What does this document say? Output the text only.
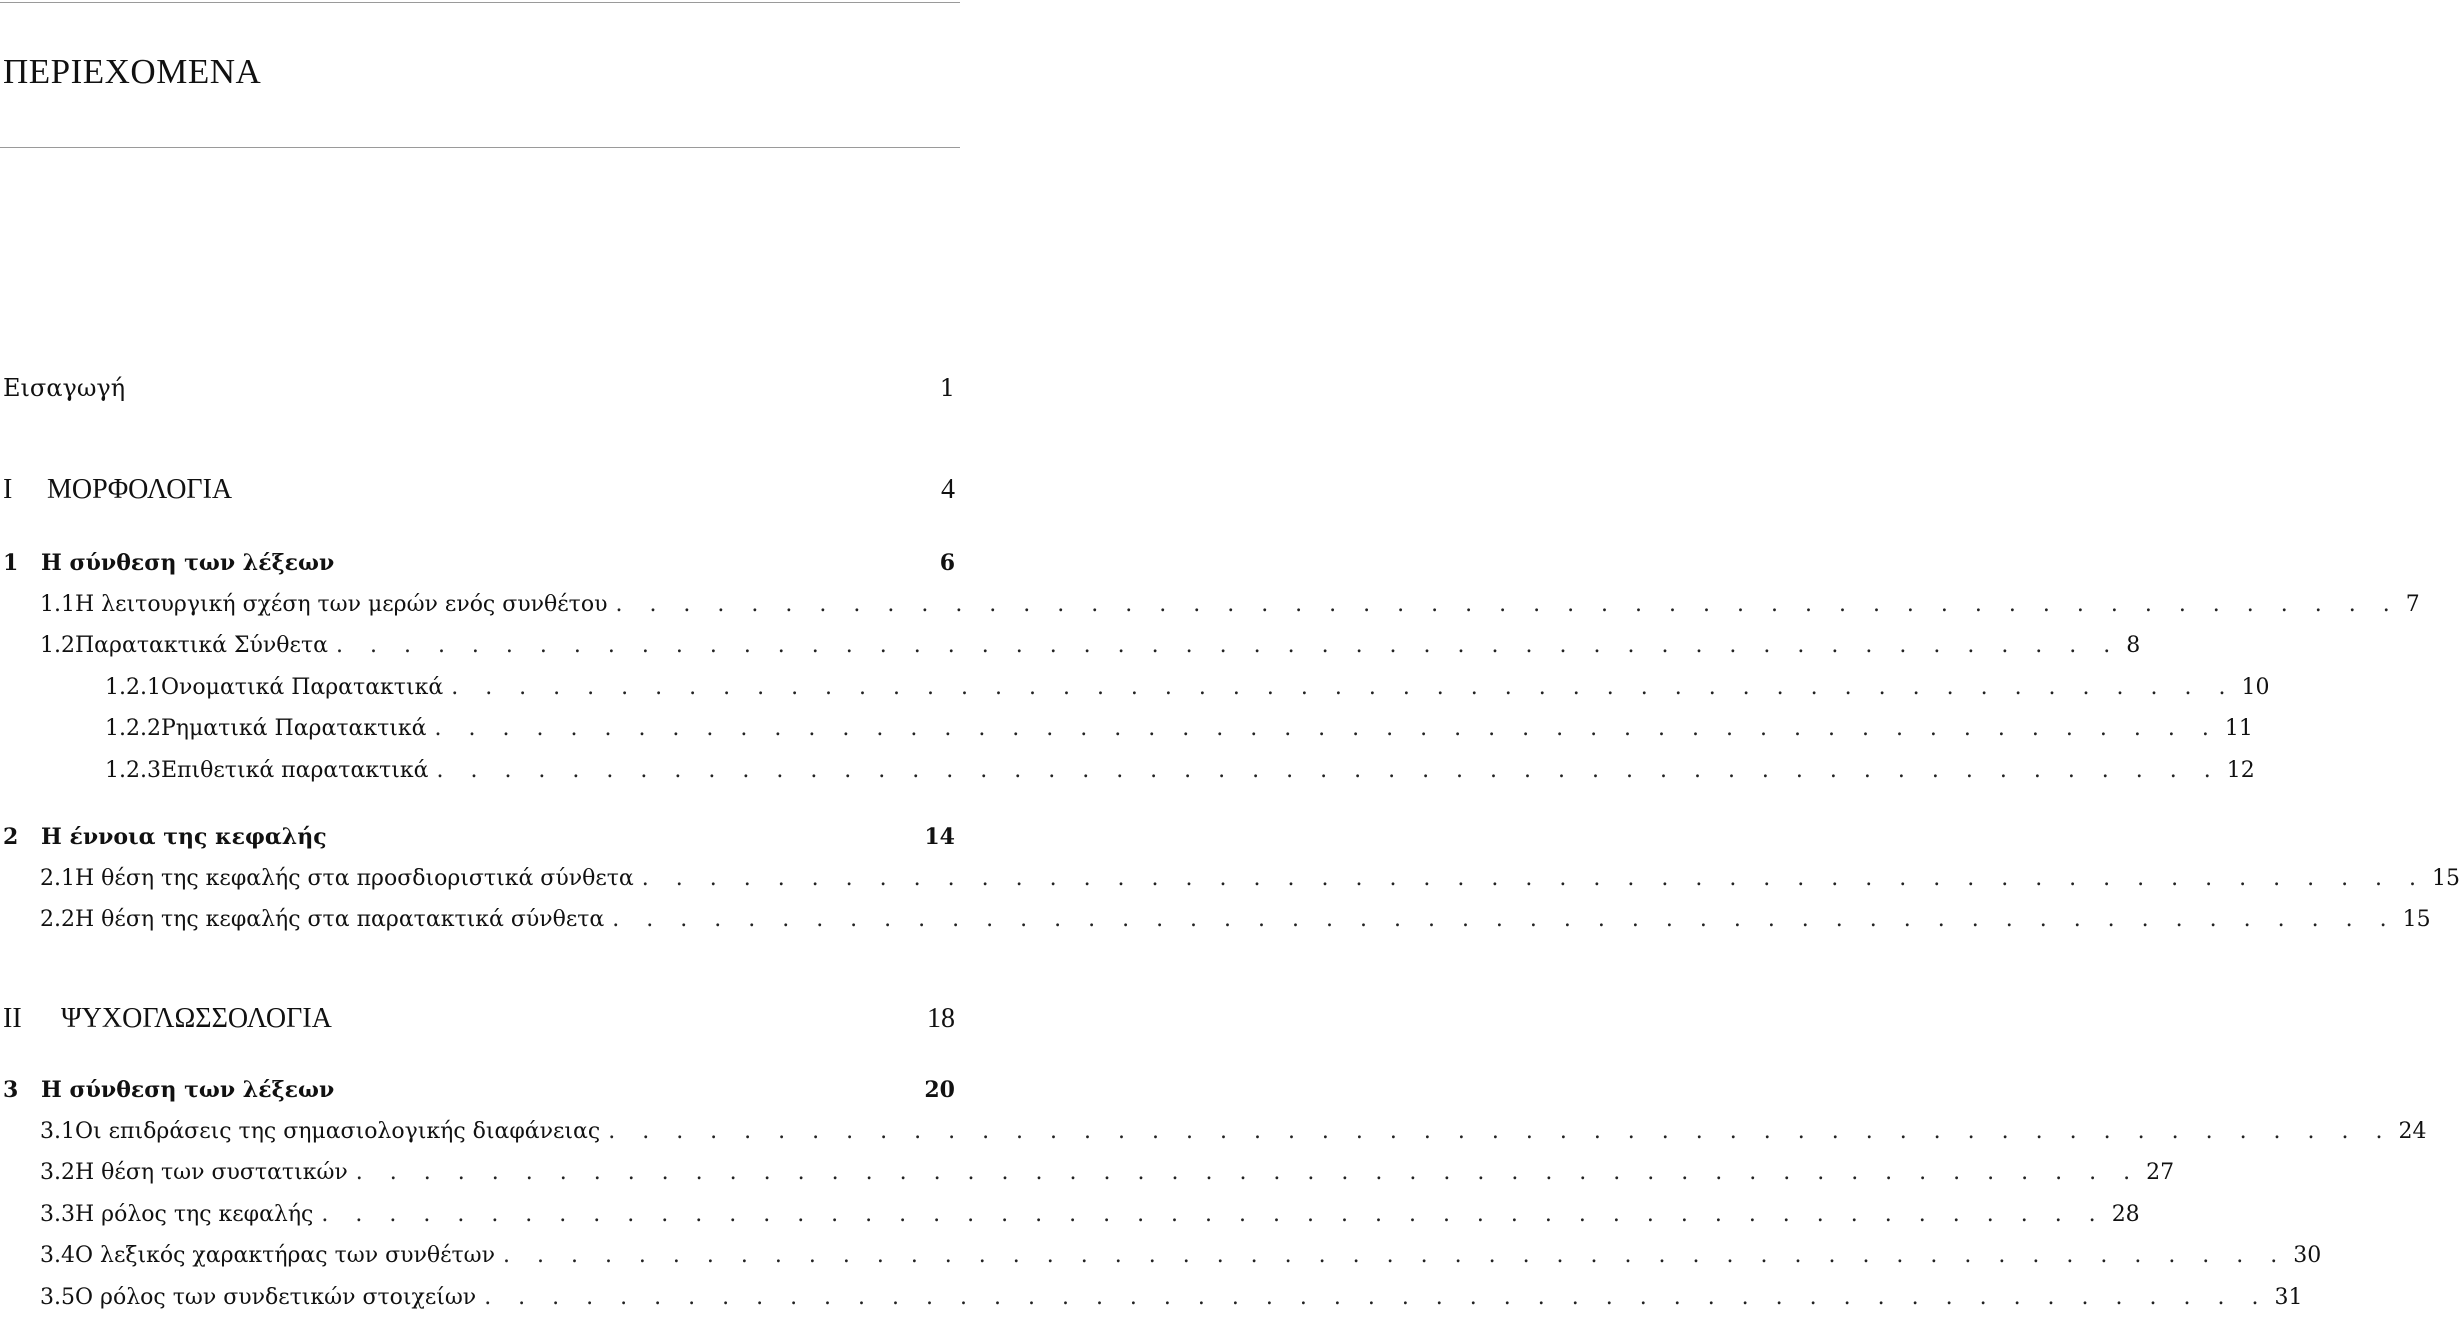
ΠΕΡΙΕΧΟΜΕΝΑ
Εισαγωγή	1
I	ΜΟΡΦΟΛΟΓΙΑ	4
1	Η σύνθεση των λέξεων	6
1.1 Η λειτουργική σχέση των μερών ενός συνθέτου . . . . . . . . . . . . . . . . . . . . . . . . . . . . . . . . . . . . . . . . . . . . . . . . . . . . . 7
1.2 Παρατακτικά Σύνθετα . . . . . . . . . . . . . . . . . . . . . . . . . . . . . . . . . . . . . . . . . . . . . . . . . . . . . 8
1.2.1 Ονοματικά Παρατακτικά . . . . . . . . . . . . . . . . . . . . . . . . . . . . . . . . . . . . . . . . . . . . . . . . . . . . . 10
1.2.2 Ρηματικά Παρατακτικά . . . . . . . . . . . . . . . . . . . . . . . . . . . . . . . . . . . . . . . . . . . . . . . . . . . . . 11
1.2.3 Επιθετικά παρατακτικά . . . . . . . . . . . . . . . . . . . . . . . . . . . . . . . . . . . . . . . . . . . . . . . . . . . . . 12
2	Η έννοια της κεφαλής	14
2.1 Η θέση της κεφαλής στα προσδιοριστικά σύνθετα . . . . . . . . . . . . . . . . . . . . . . . . . . . . . . . . . . . . . . . . . . . . . . . . . . . . . 15
2.2 Η θέση της κεφαλής στα παρατακτικά σύνθετα . . . . . . . . . . . . . . . . . . . . . . . . . . . . . . . . . . . . . . . . . . . . . . . . . . . . . 15
II	ΨΥΧΟΓΛΩΣΣΟΛΟΓΙΑ	18
3	Η σύνθεση των λέξεων	20
3.1 Οι επιδράσεις της σημασιολογικής διαφάνειας . . . . . . . . . . . . . . . . . . . . . . . . . . . . . . . . . . . . . . . . . . . . . . . . . . . . . 24
3.2 Η θέση των συστατικών . . . . . . . . . . . . . . . . . . . . . . . . . . . . . . . . . . . . . . . . . . . . . . . . . . . . . 27
3.3 Η ρόλος της κεφαλής . . . . . . . . . . . . . . . . . . . . . . . . . . . . . . . . . . . . . . . . . . . . . . . . . . . . . 28
3.4 Ο λεξικός χαρακτήρας των συνθέτων . . . . . . . . . . . . . . . . . . . . . . . . . . . . . . . . . . . . . . . . . . . . . . . . . . . . . 30
3.5 Ο ρόλος των συνδετικών στοιχείων . . . . . . . . . . . . . . . . . . . . . . . . . . . . . . . . . . . . . . . . . . . . . . . . . . . . . 31
